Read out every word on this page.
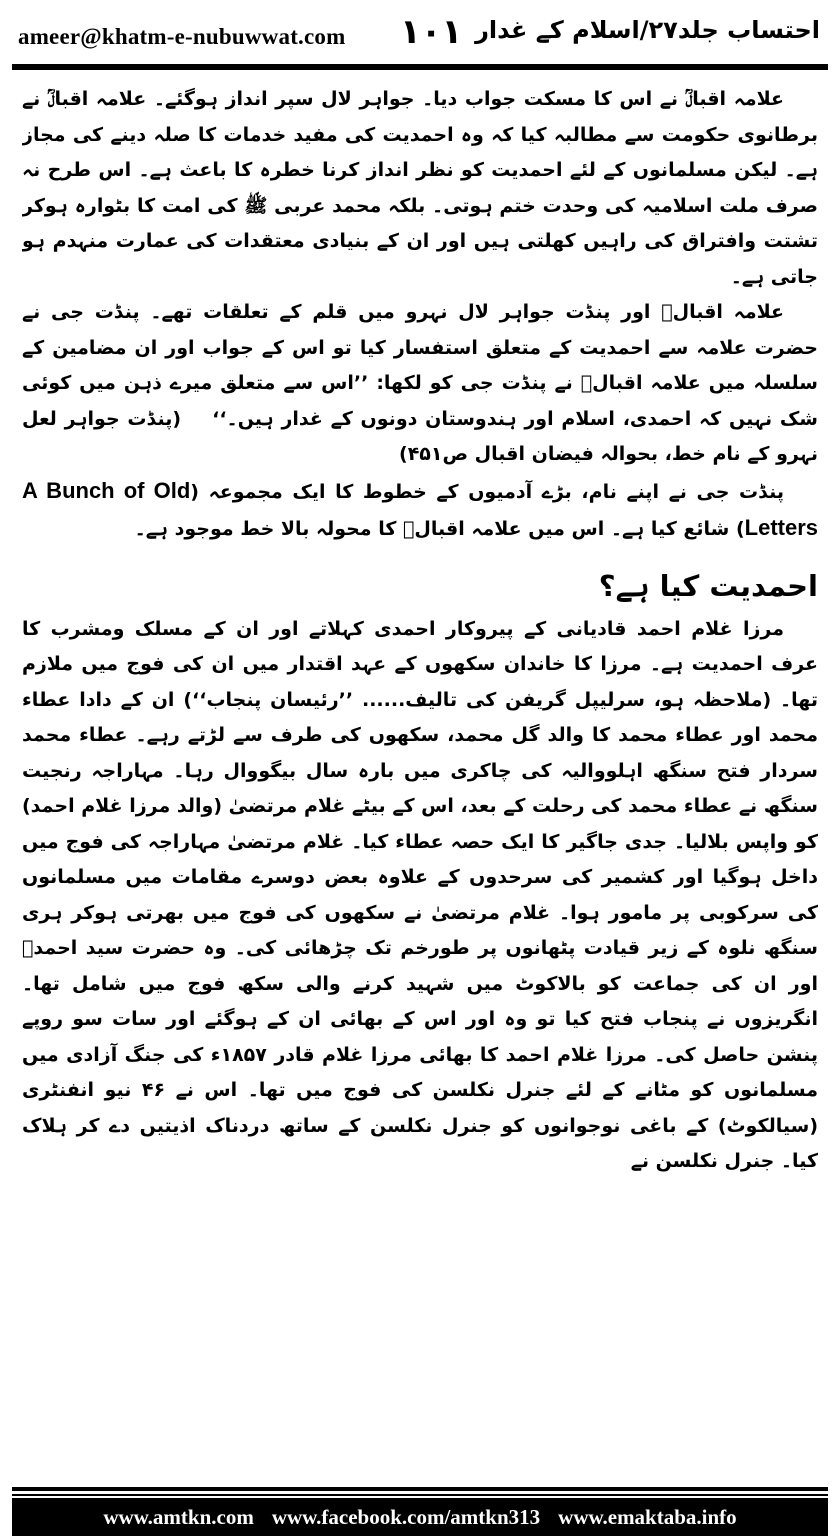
ameer@khatm-e-nubuwwat.com ۱۰۱ احتساب جلد۲۷/اسلام کے غدار

علامہ اقبالؒ نے اس کا مسکت جواب دیا۔ جواہر لال سپر انداز ہوگئے۔ علامہ اقبالؒ نے برطانوی حکومت سے مطالبہ کیا کہ وہ احمدیت کی مفید خدمات کا صلہ دینے کی مجاز ہے۔ لیکن مسلمانوں کے لئے احمدیت کو نظر انداز کرنا خطرہ کا باعث ہے۔ اس طرح نہ صرف ملت اسلامیہ کی وحدت ختم ہوتی۔ بلکہ محمد عربی ﷺ کی امت کا بٹوارہ ہوکر تشتت وافتراق کی راہیں کھلتی ہیں اور ان کے بنیادی معتقدات کی عمارت منہدم ہو جاتی ہے۔

علامہ اقبالؒ اور پنڈت جواہر لال نہرو میں قلم کے تعلقات تھے۔ پنڈت جی نے حضرت علامہ سے احمدیت کے متعلق استفسار کیا تو اس کے جواب اور ان مضامین کے سلسلہ میں علامہ اقبالؒ نے پنڈت جی کو لکھا: ’’اس سے متعلق میرے ذہن میں کوئی شک نہیں کہ احمدی، اسلام اور ہندوستان دونوں کے غدار ہیں۔‘‘    (پنڈت جواہر لعل نہرو کے نام خط، بحوالہ فیضان اقبال ص۴۵۱)

پنڈت جی نے اپنے نام، بڑے آدمیوں کے خطوط کا ایک مجموعہ (A Bunch of Old Letters) شائع کیا ہے۔ اس میں علامہ اقبالؒ کا محولہ بالا خط موجود ہے۔

احمدیت کیا ہے؟

مرزا غلام احمد قادیانی کے پیروکار احمدی کہلاتے اور ان کے مسلک ومشرب کا عرف احمدیت ہے۔ مرزا کا خاندان سکھوں کے عہد اقتدار میں ان کی فوج میں ملازم تھا۔ (ملاحظہ ہو، سرلیپل گریفن کی تالیف...... ’’رئیسان پنجاب‘‘) ان کے دادا عطاء محمد اور عطاء محمد کا والد گل محمد، سکھوں کی طرف سے لڑتے رہے۔ عطاء محمد سردار فتح سنگھ اہلووالیہ کی چاکری میں بارہ سال بیگووال رہا۔ مہاراجہ رنجیت سنگھ نے عطاء محمد کی رحلت کے بعد، اس کے بیٹے غلام مرتضیٰ (والد مرزا غلام احمد) کو واپس بلالیا۔ جدی جاگیر کا ایک حصہ عطاء کیا۔ غلام مرتضیٰ مہاراجہ کی فوج میں داخل ہوگیا اور کشمیر کی سرحدوں کے علاوہ بعض دوسرے مقامات میں مسلمانوں کی سرکوبی پر مامور ہوا۔ غلام مرتضیٰ نے سکھوں کی فوج میں بھرتی ہوکر ہری سنگھ نلوہ کے زیر قیادت پٹھانوں پر طورخم تک چڑھائی کی۔ وہ حضرت سید احمدؒ اور ان کی جماعت کو بالاکوٹ میں شہید کرنے والی سکھ فوج میں شامل تھا۔ انگریزوں نے پنجاب فتح کیا تو وہ اور اس کے بھائی ان کے ہوگئے اور سات سو روپے پنشن حاصل کی۔ مرزا غلام احمد کا بھائی مرزا غلام قادر ۱۸۵۷ء کی جنگ آزادی میں مسلمانوں کو مٹانے کے لئے جنرل نکلسن کی فوج میں تھا۔ اس نے ۴۶ نیو انفنٹری (سیالکوٹ) کے باغی نوجوانوں کو جنرل نکلسن کے ساتھ دردناک اذیتیں دے کر ہلاک کیا۔ جنرل نکلسن نے

www.amtkn.com www.facebook.com/amtkn313 www.emaktaba.info
